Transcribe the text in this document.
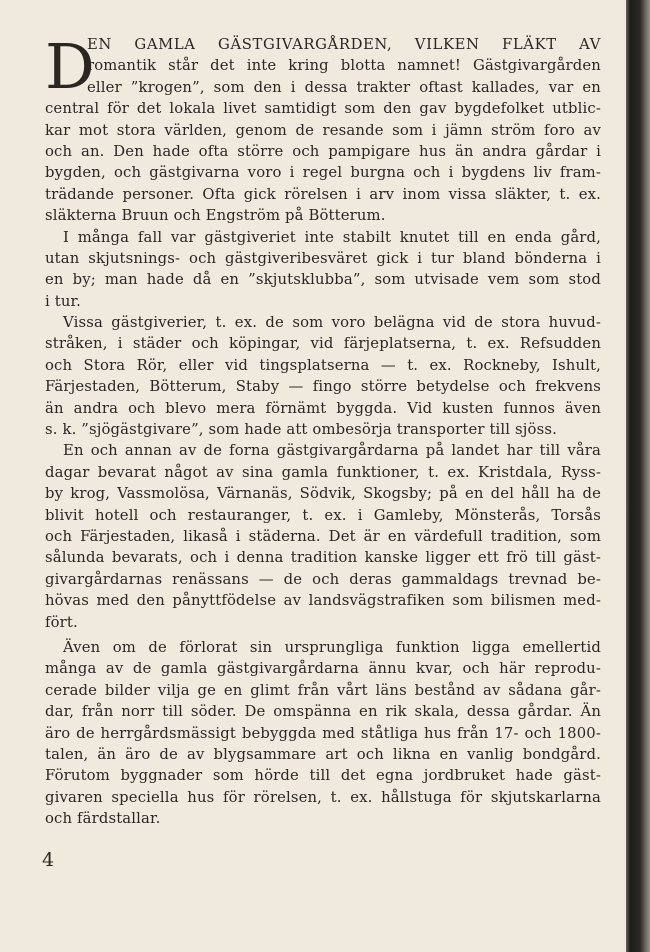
D
EN GAMLA GÄSTGIVARGÅRDEN, VILKEN FLÄKT AV
romantik står det inte kring blotta namnet! Gästgivargården
eller ”krogen”, som den i dessa trakter oftast kallades, var en
central för det lokala livet samtidigt som den gav bygdefolket utblic-
kar mot stora världen, genom de resande som i jämn ström foro av
och an. Den hade ofta större och pampigare hus än andra gårdar i
bygden, och gästgivarna voro i regel burgna och i bygdens liv fram-
trädande personer. Ofta gick rörelsen i arv inom vissa släkter, t. ex.
släkterna Bruun och Engström på Bötterum.
I många fall var gästgiveriet inte stabilt knutet till en enda gård,
utan skjutsnings- och gästgiveribesväret gick i tur bland bönderna i
en by; man hade då en ”skjutsklubba”, som utvisade vem som stod
i tur.
Vissa gästgiverier, t. ex. de som voro belägna vid de stora huvud-
stråken, i städer och köpingar, vid färjeplatserna, t. ex. Refsudden
och Stora Rör, eller vid tingsplatserna — t. ex. Rockneby, Ishult,
Färjestaden, Bötterum, Staby — fingo större betydelse och frekvens
än andra och blevo mera förnämt byggda. Vid kusten funnos även
s. k. ”sjögästgivare”, som hade att ombesörja transporter till sjöss.
En och annan av de forna gästgivargårdarna på landet har till våra
dagar bevarat något av sina gamla funktioner, t. ex. Kristdala, Ryss-
by krog, Vassmolösa, Värnanäs, Södvik, Skogsby; på en del håll ha de
blivit hotell och restauranger, t. ex. i Gamleby, Mönsterås, Torsås
och Färjestaden, likaså i städerna. Det är en värdefull tradition, som
sålunda bevarats, och i denna tradition kanske ligger ett frö till gäst-
givargårdarnas renässans — de och deras gammaldags trevnad be-
hövas med den pånyttfödelse av landsvägstrafiken som bilismen med-
fört.
Även om de förlorat sin ursprungliga funktion ligga emellertid
många av de gamla gästgivargårdarna ännu kvar, och här reprodu-
cerade bilder vilja ge en glimt från vårt läns bestånd av sådana går-
dar, från norr till söder. De omspänna en rik skala, dessa gårdar. Än
äro de herrgårdsmässigt bebyggda med ståtliga hus från 17- och 1800-
talen, än äro de av blygsammare art och likna en vanlig bondgård.
Förutom byggnader som hörde till det egna jordbruket hade gäst-
givaren speciella hus för rörelsen, t. ex. hållstuga för skjutskarlarna
och färdstallar.
4
